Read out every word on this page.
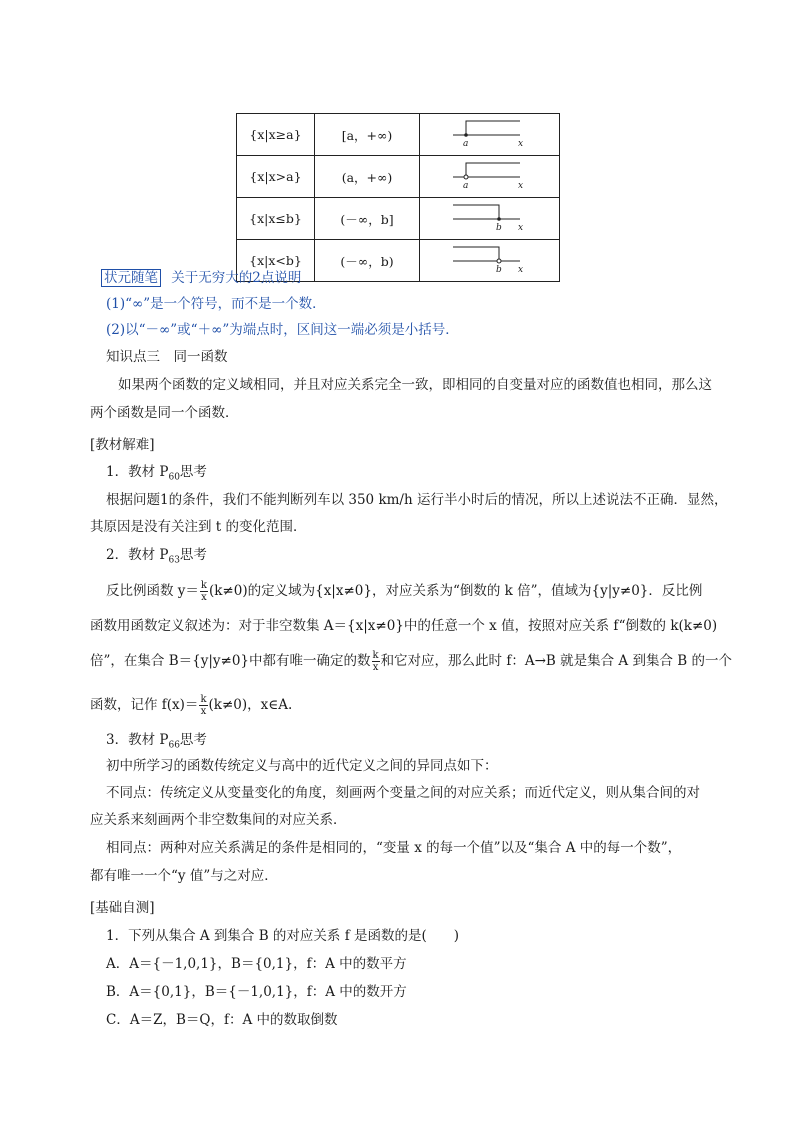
{x|x≥a}	[a，+∞)	a x

{x|x>a}	(a，+∞)	a x

{x|x≤b}	(－∞，b]	b x

{x|x<b}	(－∞，b)	b x
状元随笔 关于无穷大的2点说明
(1)“∞”是一个符号，而不是一个数．
(2)以“－∞”或“＋∞”为端点时，区间这一端必须是小括号．
知识点三　同一函数
如果两个函数的定义域相同，并且对应关系完全一致，即相同的自变量对应的函数值也相同，那么这
两个函数是同一个函数．
[教材解难]
1．教材 $P_{60}$思考
根据问题1的条件，我们不能判断列车以 350 km/h 运行半小时后的情况，所以上述说法不正确．显然，
其原因是没有关注到 t 的变化范围．
2．教材 $P_{63}$思考
反比例函数 $y= \frac{k}{x} (k\ne 0)$的定义域为{x|x≠0}，对应关系为“倒数的 k 倍”，值域为{y|y≠0}．反比例
函数用函数定义叙述为：对于非空数集 A＝{x|x≠0}中的任意一个 x 值，按照对应关系 f“倒数的 k(k≠0)
倍”，在集合 B＝{y|y≠0}中都有唯一确定的数 $\frac{k}{x}$ 和它对应，那么此时 f：A→B 就是集合 A 到集合 B 的一个
函数，记作 $f(x)= \frac{k}{x} (k\ne 0)$，x∈A.
3．教材 $P_{66}$思考
初中所学习的函数传统定义与高中的近代定义之间的异同点如下：
不同点：传统定义从变量变化的角度，刻画两个变量之间的对应关系；而近代定义，则从集合间的对
应关系来刻画两个非空数集间的对应关系．
相同点：两种对应关系满足的条件是相同的，“变量 x 的每一个值”以及“集合 A 中的每一个数”，
都有唯一一个“y 值”与之对应．
[基础自测]
1．下列从集合 A 到集合 B 的对应关系 f 是函数的是(　　)
A．A＝{－1,0,1}，B＝{0,1}，f：A 中的数平方
B．A＝{0,1}，B＝{－1,0,1}，f：A 中的数开方
C．A＝Z，B＝Q，f：A 中的数取倒数
